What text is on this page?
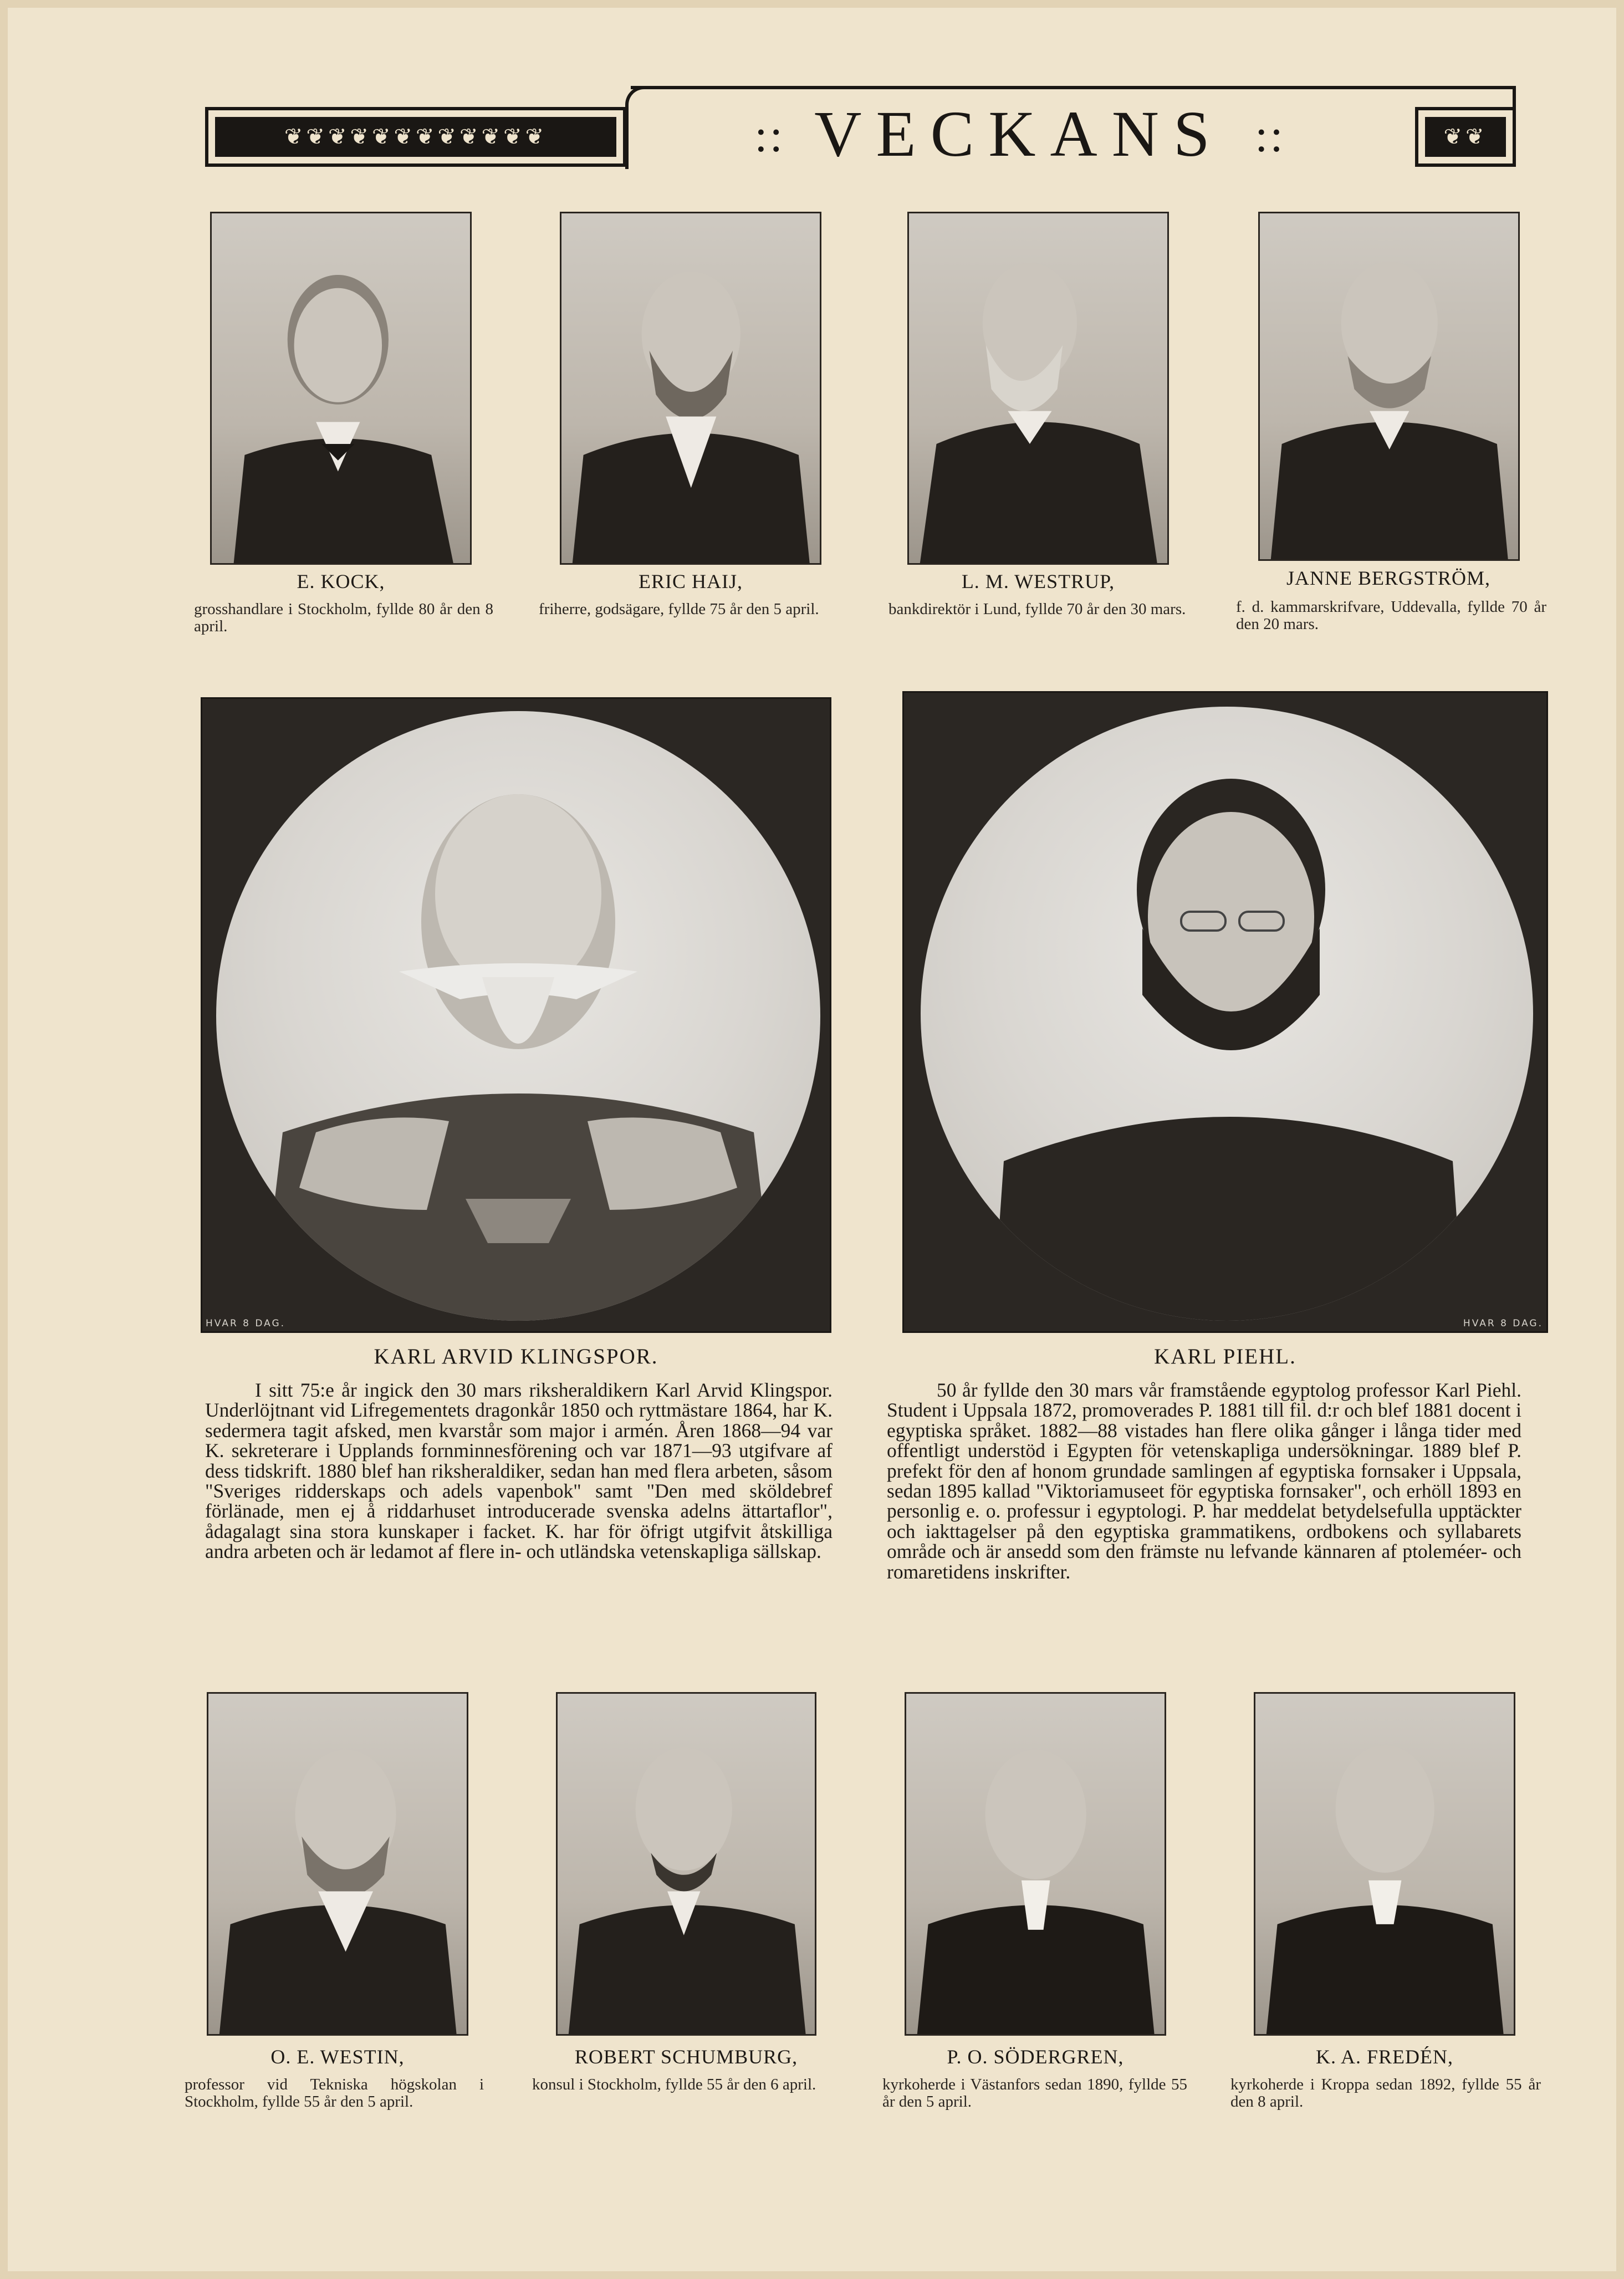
❦❦❦❦❦❦❦❦❦❦❦❦	:: VECKANS ::	❦❦
E. KOCK,
grosshandlare i Stockholm, fyllde 80 år den 8 april.
ERIC HAIJ,
friherre, godsägare, fyllde 75 år den 5 april.
L. M. WESTRUP,
bankdirektör i Lund, fyllde 70 år den 30 mars.
JANNE BERGSTRÖM,
f. d. kammarskrifvare, Uddevalla, fyllde 70 år den 20 mars.
HVAR 8 DAG.
KARL ARVID KLINGSPOR.

I sitt 75:e år ingick den 30 mars riksheraldikern Karl Arvid Klingspor. Underlöjtnant vid Lifregementets dragonkår 1850 och ryttmästare 1864, har K. sedermera tagit afsked, men kvarstår som major i armén. Åren 1868—94 var K. sekreterare i Upplands fornminnesförening och var 1871—93 utgifvare af dess tidskrift. 1880 blef han riksheraldiker, sedan han med flera arbeten, såsom "Sveriges ridderskaps och adels vapenbok" samt "Den med sköldebref förlänade, men ej å riddarhuset introducerade svenska adelns ättartaflor", ådagalagt sina stora kunskaper i facket. K. har för öfrigt utgifvit åtskilliga andra arbeten och är ledamot af flere in- och utländska vetenskapliga sällskap.

HVAR 8 DAG.
KARL PIEHL.

50 år fyllde den 30 mars vår framstående egyptolog professor Karl Piehl. Student i Uppsala 1872, promoverades P. 1881 till fil. d:r och blef 1881 docent i egyptiska språket. 1882—88 vistades han flere olika gånger i långa tider med offentligt understöd i Egypten för vetenskapliga undersökningar. 1889 blef P. prefekt för den af honom grundade samlingen af egyptiska fornsaker i Uppsala, sedan 1895 kallad "Viktoriamuseet för egyptiska fornsaker", och erhöll 1893 en personlig e. o. professur i egyptologi. P. har meddelat betydelsefulla upptäckter och iakttagelser på den egyptiska grammatikens, ordbokens och syllabarets område och är ansedd som den främste nu lefvande kännaren af ptoleméer- och romaretidens inskrifter.

O. E. WESTIN,
professor vid Tekniska högskolan i Stockholm, fyllde 55 år den 5 april.
ROBERT SCHUMBURG,
konsul i Stockholm, fyllde 55 år den 6 april.
P. O. SÖDERGREN,
kyrkoherde i Västanfors sedan 1890, fyllde 55 år den 5 april.
K. A. FREDÉN,
kyrkoherde i Kroppa sedan 1892, fyllde 55 år den 8 april.
